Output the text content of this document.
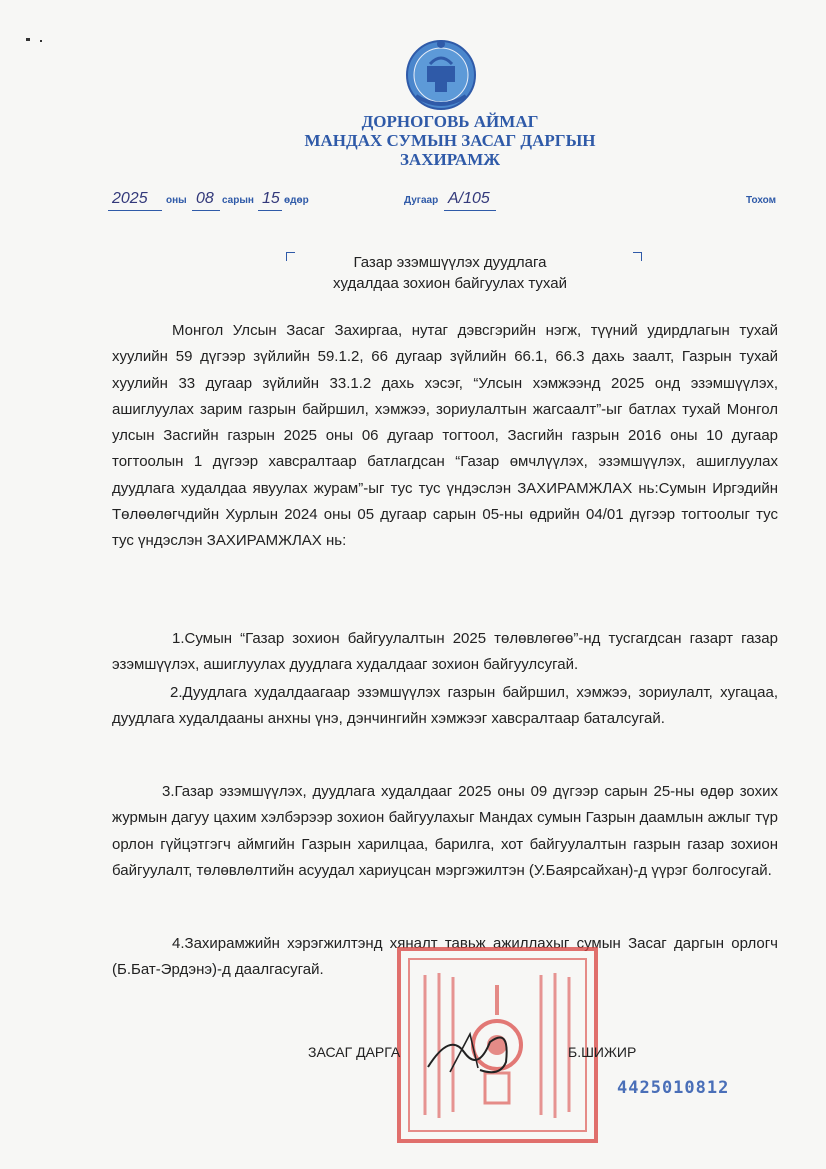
ДОРНОГОВЬ АЙМАГ
МАНДАХ СУМЫН ЗАСАГ ДАРГЫН
ЗАХИРАМЖ
2025 оны 08 сарын 15 өдөр	Дугаар А/105	Тохом
Газар эзэмшүүлэх дуудлага
худалдаа зохион байгуулах тухай

Монгол Улсын Засаг Захиргаа, нутаг дэвсгэрийн нэгж, түүний удирдлагын тухай хуулийн 59 дүгээр зүйлийн 59.1.2, 66 дугаар зүйлийн 66.1, 66.3 дахь заалт, Газрын тухай хуулийн 33 дугаар зүйлийн 33.1.2 дахь хэсэг, “Улсын хэмжээнд 2025 онд эзэмшүүлэх, ашиглуулах зарим газрын байршил, хэмжээ, зориулалтын жагсаалт”-ыг батлах тухай Монгол улсын Засгийн газрын 2025 оны 06 дугаар тогтоол, Засгийн газрын 2016 оны 10 дугаар тогтоолын 1 дүгээр хавсралтаар батлагдсан “Газар өмчлүүлэх, эзэмшүүлэх, ашиглуулах дуудлага худалдаа явуулах журам”-ыг тус тус үндэслэн ЗАХИРАМЖЛАХ нь:Сумын Иргэдийн Төлөөлөгчдийн Хурлын 2024 оны 05 дугаар сарын 05-ны өдрийн 04/01 дүгээр тогтоолыг тус тус үндэслэн ЗАХИРАМЖЛАХ нь:

1.Сумын “Газар зохион байгуулалтын 2025 төлөвлөгөө”-нд тусгагдсан газарт газар эзэмшүүлэх, ашиглуулах дуудлага худалдааг зохион байгуулсугай.

2.Дуудлага худалдаагаар эзэмшүүлэх газрын байршил, хэмжээ, зориулалт, хугацаа, дуудлага худалдааны анхны үнэ, дэнчингийн хэмжээг хавсралтаар батaлсугай.

3.Газар эзэмшүүлэх, дуудлага худалдааг 2025 оны 09 дүгээр сарын 25-ны өдөр зохих журмын дагуу цахим хэлбэрээр зохион байгуулахыг Мандах сумын Газрын даамлын ажлыг түр орлон гүйцэтгэгч аймгийн Газрын харилцаа, барилга, хот байгуулалтын газрын газар зохион байгуулалт, төлөвлөлтийн асуудал хариуцсан мэргэжилтэн (У.Баярсайхан)-д үүрэг болгосугай.

4.Захирамжийн хэрэгжилтэнд хяналт тавьж ажиллахыг сумын Засаг даргын орлогч (Б.Бат-Эрдэнэ)-д даалгасугай.

ЗАСАГ ДАРГА	Б.ШИЖИР
4425010812
